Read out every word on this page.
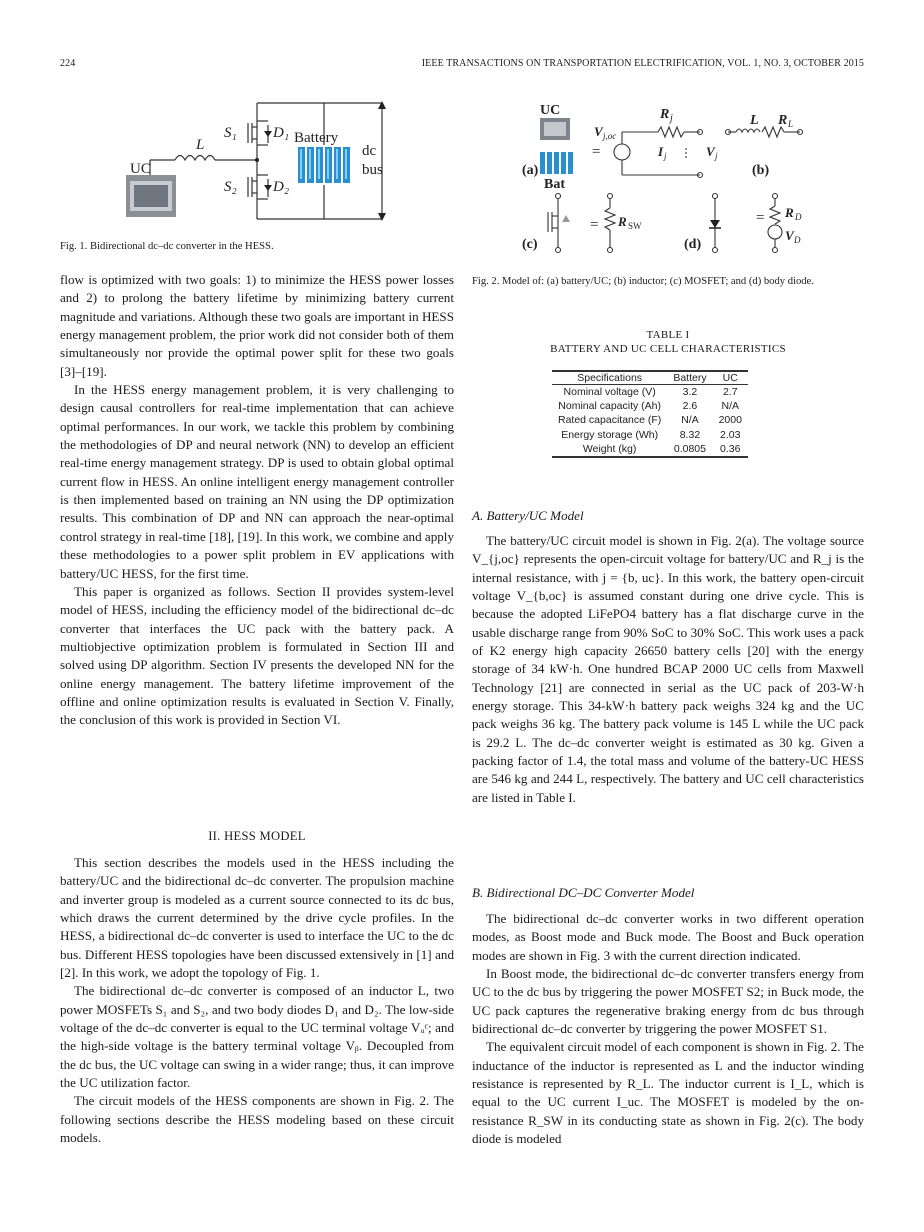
224	IEEE TRANSACTIONS ON TRANSPORTATION ELECTRIFICATION, VOL. 1, NO. 3, OCTOBER 2015
S₁ D₁
S₂ D₂
L
UC
Battery
dc
bus
Fig. 1. Bidirectional dc–dc converter in the HESS.
UC
Bat
(a)
=
R j
V j,oc
I j	V j
(b)
L R L
(c)
= R SW
(d)
= R D
V D
Fig. 2. Model of: (a) battery/UC; (b) inductor; (c) MOSFET; and (d) body diode.
TABLE I
BATTERY AND UC CELL CHARACTERISTICS
Specifications	Battery	UC
Nominal voltage (V)	3.2	2.7
Nominal capacity (Ah)	2.6	N/A
Rated capacitance (F)	N/A	2000
Energy storage (Wh)	8.32	2.03
Weight (kg)	0.0805	0.36

flow is optimized with two goals: 1) to minimize the HESS power losses and 2) to prolong the battery lifetime by minimizing battery current magnitude and variations. Although these two goals are important in HESS energy management problem, the prior work did not consider both of them simultaneously nor provide the optimal power split for these two goals [3]–[19].

In the HESS energy management problem, it is very challenging to design causal controllers for real-time implementation that can achieve optimal performances. In our work, we tackle this problem by combining the methodologies of DP and neural network (NN) to develop an efficient real-time energy management strategy. DP is used to obtain global optimal current flow in HESS. An online intelligent energy management controller is then implemented based on training an NN using the DP optimization results. This combination of DP and NN can approach the near-optimal control strategy in real-time [18], [19]. In this work, we combine and apply these methodologies to a power split problem in EV applications with battery/UC HESS, for the first time.

This paper is organized as follows. Section II provides system-level model of HESS, including the efficiency model of the bidirectional dc–dc converter that interfaces the UC pack with the battery pack. A multiobjective optimization problem is formulated in Section III and solved using DP algorithm. Section IV presents the developed NN for the online energy management. The battery lifetime improvement of the offline and online optimization results is evaluated in Section V. Finally, the conclusion of this work is provided in Section VI.

II. HESS MODEL

This section describes the models used in the HESS including the battery/UC and the bidirectional dc–dc converter. The propulsion machine and inverter group is modeled as a current source connected to its dc bus, which draws the current determined by the drive cycle profiles. In the HESS, a bidirectional dc–dc converter is used to interface the UC to the dc bus. Different HESS topologies have been discussed extensively in [1] and [2]. In this work, we adopt the topology of Fig. 1.

The bidirectional dc–dc converter is composed of an inductor L, two power MOSFETs S₁ and S₂, and two body diodes D₁ and D₂. The low-side voltage of the dc–dc converter is equal to the UC terminal voltage Vᵤᶜ; and the high-side voltage is the battery terminal voltage Vᵦ. Decoupled from the dc bus, the UC voltage can swing in a wider range; thus, it can improve the UC utilization factor.

The circuit models of the HESS components are shown in Fig. 2. The following sections describe the HESS modeling based on these circuit models.

A. Battery/UC Model

The battery/UC circuit model is shown in Fig. 2(a). The voltage source V_{j,oc} represents the open-circuit voltage for battery/UC and R_j is the internal resistance, with j = {b, uc}. In this work, the battery open-circuit voltage V_{b,oc} is assumed constant during one drive cycle. This is because the adopted LiFePO4 battery has a flat discharge curve in the usable discharge range from 90% SoC to 30% SoC. This work uses a pack of K2 energy high capacity 26650 battery cells [20] with the energy storage of 34 kW·h. One hundred BCAP 2000 UC cells from Maxwell Technology [21] are connected in serial as the UC pack of 203-W·h energy storage. This 34-kW·h battery pack weighs 324 kg and the UC pack weighs 36 kg. The battery pack volume is 145 L while the UC pack is 29.2 L. The dc–dc converter weight is estimated as 30 kg. Given a packing factor of 1.4, the total mass and volume of the battery-UC HESS are 546 kg and 244 L, respectively. The battery and UC cell characteristics are listed in Table I.

B. Bidirectional DC–DC Converter Model

The bidirectional dc–dc converter works in two different operation modes, as Boost mode and Buck mode. The Boost and Buck operation modes are shown in Fig. 3 with the current direction indicated.

In Boost mode, the bidirectional dc–dc converter transfers energy from UC to the dc bus by triggering the power MOSFET S2; in Buck mode, the UC pack captures the regenerative braking energy from dc bus through bidirectional dc–dc converter by triggering the power MOSFET S1.

The equivalent circuit model of each component is shown in Fig. 2. The inductance of the inductor is represented as L and the inductor winding resistance is represented by R_L. The inductor current is I_L, which is equal to the UC current I_uc. The MOSFET is modeled by the on-resistance R_SW in its conducting state as shown in Fig. 2(c). The body diode is modeled
